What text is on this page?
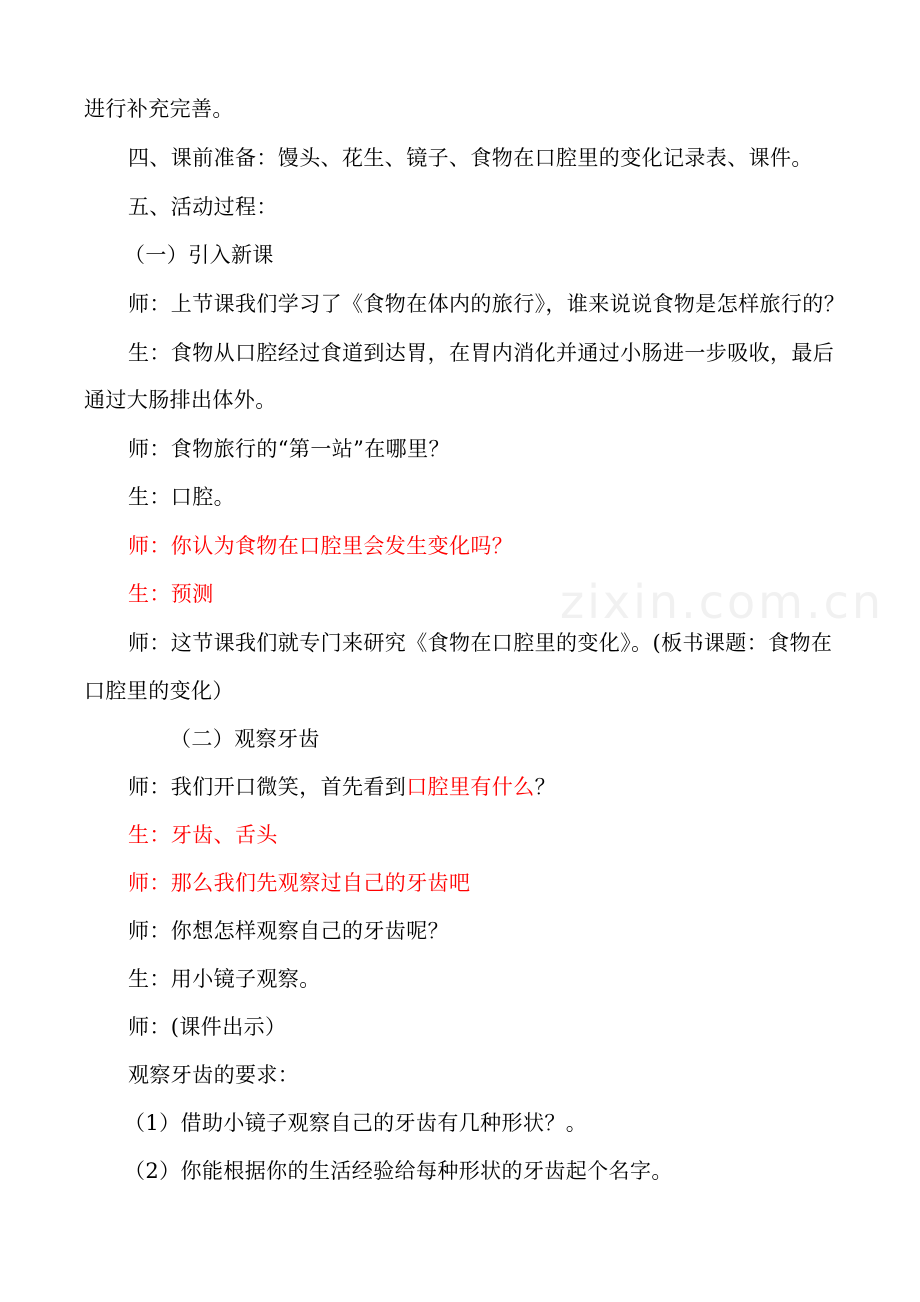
zixin.com.cn
进行补充完善。
四、课前准备：馒头、花生、镜子、食物在口腔里的变化记录表、课件。
五、活动过程：
（一）引入新课
师：上节课我们学习了《食物在体内的旅行》，谁来说说食物是怎样旅行的？
生：食物从口腔经过食道到达胃，在胃内消化并通过小肠进一步吸收，最后
通过大肠排出体外。
师：食物旅行的“第一站”在哪里？
生：口腔。
师：你认为食物在口腔里会发生变化吗？
生：预测
师：这节课我们就专门来研究《食物在口腔里的变化》。(板书课题：食物在
口腔里的变化）
（二）观察牙齿
师：我们开口微笑，首先看到口腔里有什么？
生：牙齿、舌头
师：那么我们先观察过自己的牙齿吧
师：你想怎样观察自己的牙齿呢？
生：用小镜子观察。
师：(课件出示）
观察牙齿的要求：
（1）借助小镜子观察自己的牙齿有几种形状？。
（2）你能根据你的生活经验给每种形状的牙齿起个名字。
